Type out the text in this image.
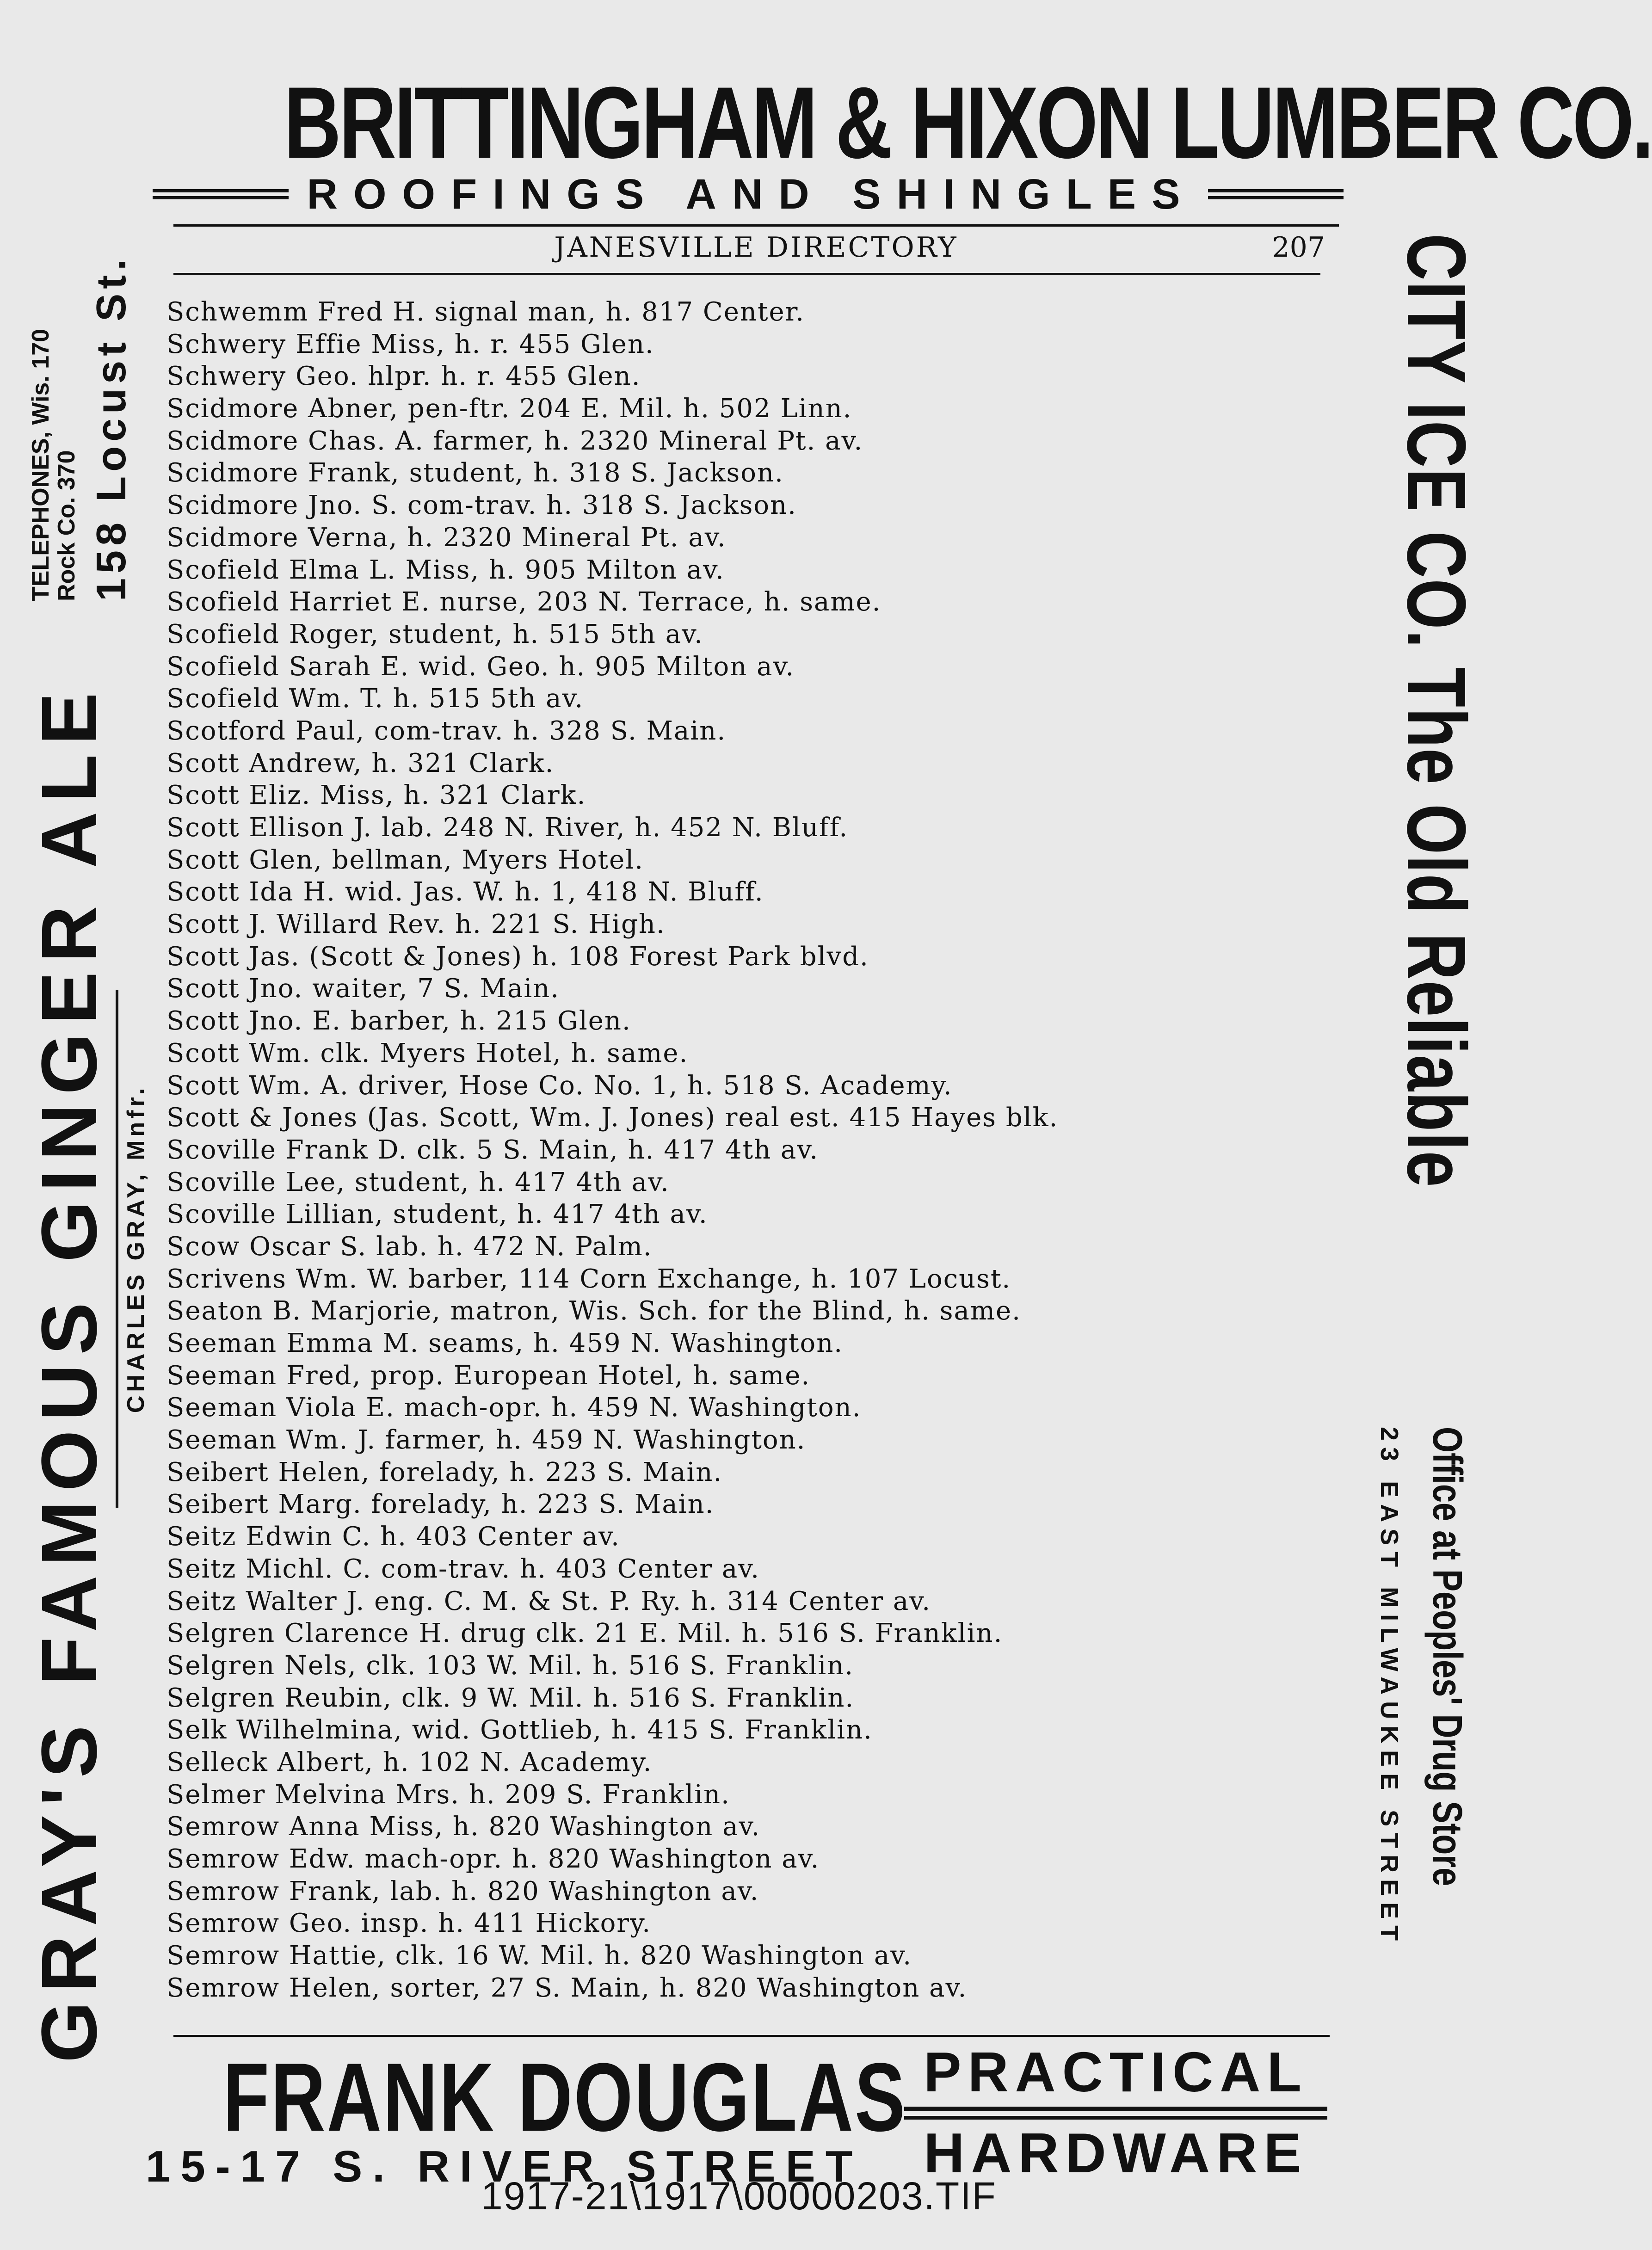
BRITTINGHAM & HIXON LUMBER CO.
ROOFINGS AND SHINGLES
JANESVILLE DIRECTORY	207
Schwemm Fred H. signal man, h. 817 Center.
Schwery Effie Miss, h. r. 455 Glen.
Schwery Geo. hlpr. h. r. 455 Glen.
Scidmore Abner, pen-ftr. 204 E. Mil. h. 502 Linn.
Scidmore Chas. A. farmer, h. 2320 Mineral Pt. av.
Scidmore Frank, student, h. 318 S. Jackson.
Scidmore Jno. S. com-trav. h. 318 S. Jackson.
Scidmore Verna, h. 2320 Mineral Pt. av.
Scofield Elma L. Miss, h. 905 Milton av.
Scofield Harriet E. nurse, 203 N. Terrace, h. same.
Scofield Roger, student, h. 515 5th av.
Scofield Sarah E. wid. Geo. h. 905 Milton av.
Scofield Wm. T. h. 515 5th av.
Scotford Paul, com-trav. h. 328 S. Main.
Scott Andrew, h. 321 Clark.
Scott Eliz. Miss, h. 321 Clark.
Scott Ellison J. lab. 248 N. River, h. 452 N. Bluff.
Scott Glen, bellman, Myers Hotel.
Scott Ida H. wid. Jas. W. h. 1, 418 N. Bluff.
Scott J. Willard Rev. h. 221 S. High.
Scott Jas. (Scott & Jones) h. 108 Forest Park blvd.
Scott Jno. waiter, 7 S. Main.
Scott Jno. E. barber, h. 215 Glen.
Scott Wm. clk. Myers Hotel, h. same.
Scott Wm. A. driver, Hose Co. No. 1, h. 518 S. Academy.
Scott & Jones (Jas. Scott, Wm. J. Jones) real est. 415 Hayes blk.
Scoville Frank D. clk. 5 S. Main, h. 417 4th av.
Scoville Lee, student, h. 417 4th av.
Scoville Lillian, student, h. 417 4th av.
Scow Oscar S. lab. h. 472 N. Palm.
Scrivens Wm. W. barber, 114 Corn Exchange, h. 107 Locust.
Seaton B. Marjorie, matron, Wis. Sch. for the Blind, h. same.
Seeman Emma M. seams, h. 459 N. Washington.
Seeman Fred, prop. European Hotel, h. same.
Seeman Viola E. mach-opr. h. 459 N. Washington.
Seeman Wm. J. farmer, h. 459 N. Washington.
Seibert Helen, forelady, h. 223 S. Main.
Seibert Marg. forelady, h. 223 S. Main.
Seitz Edwin C. h. 403 Center av.
Seitz Michl. C. com-trav. h. 403 Center av.
Seitz Walter J. eng. C. M. & St. P. Ry. h. 314 Center av.
Selgren Clarence H. drug clk. 21 E. Mil. h. 516 S. Franklin.
Selgren Nels, clk. 103 W. Mil. h. 516 S. Franklin.
Selgren Reubin, clk. 9 W. Mil. h. 516 S. Franklin.
Selk Wilhelmina, wid. Gottlieb, h. 415 S. Franklin.
Selleck Albert, h. 102 N. Academy.
Selmer Melvina Mrs. h. 209 S. Franklin.
Semrow Anna Miss, h. 820 Washington av.
Semrow Edw. mach-opr. h. 820 Washington av.
Semrow Frank, lab. h. 820 Washington av.
Semrow Geo. insp. h. 411 Hickory.
Semrow Hattie, clk. 16 W. Mil. h. 820 Washington av.
Semrow Helen, sorter, 27 S. Main, h. 820 Washington av.
FRANK DOUGLAS
15-17 S. RIVER STREET
PRACTICAL
HARDWARE
1917-21\1917\00000203.TIF
GRAY'S FAMOUS GINGER ALE CHARLES GRAY, Mnfr.
TELEPHONES, Wis. 170
Rock Co. 370 158 Locust St.	CITY ICE CO. The Old Reliable
Office at Peoples' Drug Store
23 EAST MILWAUKEE STREET
